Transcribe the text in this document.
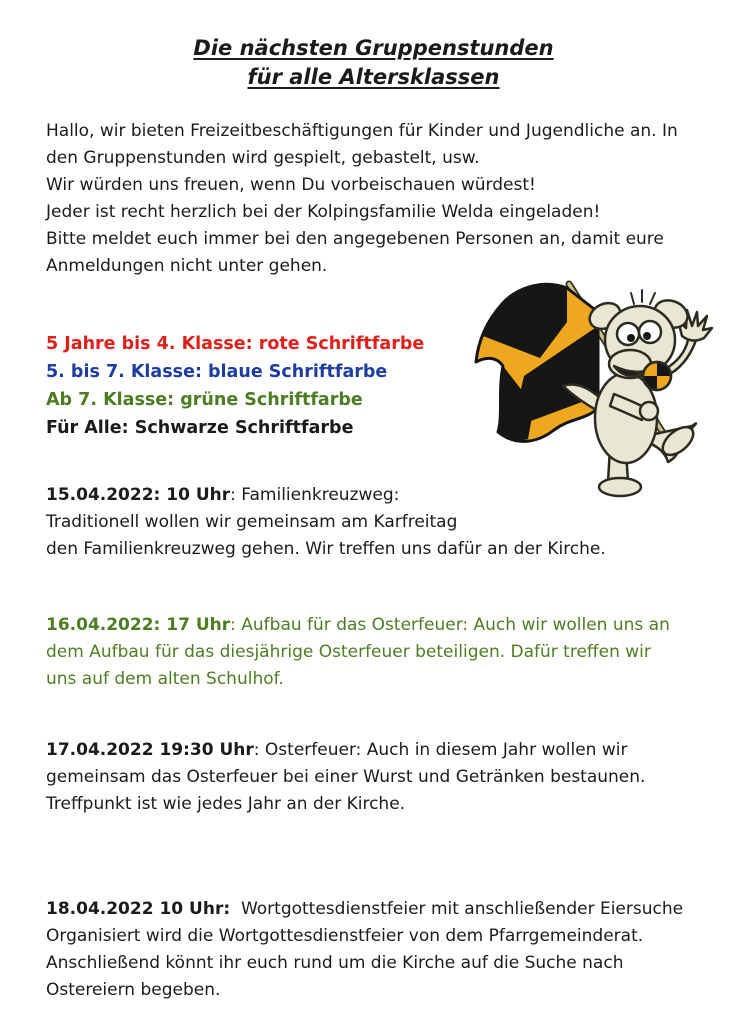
Die nächsten Gruppenstunden
für alle Altersklassen
Hallo, wir bieten Freizeitbeschäftigungen für Kinder und Jugendliche an. In
den Gruppenstunden wird gespielt, gebastelt, usw.
Wir würden uns freuen, wenn Du vorbeischauen würdest!
Jeder ist recht herzlich bei der Kolpingsfamilie Welda eingeladen!
Bitte meldet euch immer bei den angegebenen Personen an, damit eure
Anmeldungen nicht unter gehen.
5 Jahre bis 4. Klasse: rote Schriftfarbe
5. bis 7. Klasse: blaue Schriftfarbe
Ab 7. Klasse: grüne Schriftfarbe
Für Alle: Schwarze Schriftfarbe
15.04.2022: 10 Uhr: Familienkreuzweg:
Traditionell wollen wir gemeinsam am Karfreitag
den Familienkreuzweg gehen. Wir treffen uns dafür an der Kirche.
16.04.2022: 17 Uhr: Aufbau für das Osterfeuer: Auch wir wollen uns an
dem Aufbau für das diesjährige Osterfeuer beteiligen. Dafür treffen wir
uns auf dem alten Schulhof.
17.04.2022 19:30 Uhr: Osterfeuer: Auch in diesem Jahr wollen wir
gemeinsam das Osterfeuer bei einer Wurst und Getränken bestaunen.
Treffpunkt ist wie jedes Jahr an der Kirche.
18.04.2022 10 Uhr:  Wortgottesdienstfeier mit anschließender Eiersuche
Organisiert wird die Wortgottesdienstfeier von dem Pfarrgemeinderat.
Anschließend könnt ihr euch rund um die Kirche auf die Suche nach
Ostereiern begeben.
